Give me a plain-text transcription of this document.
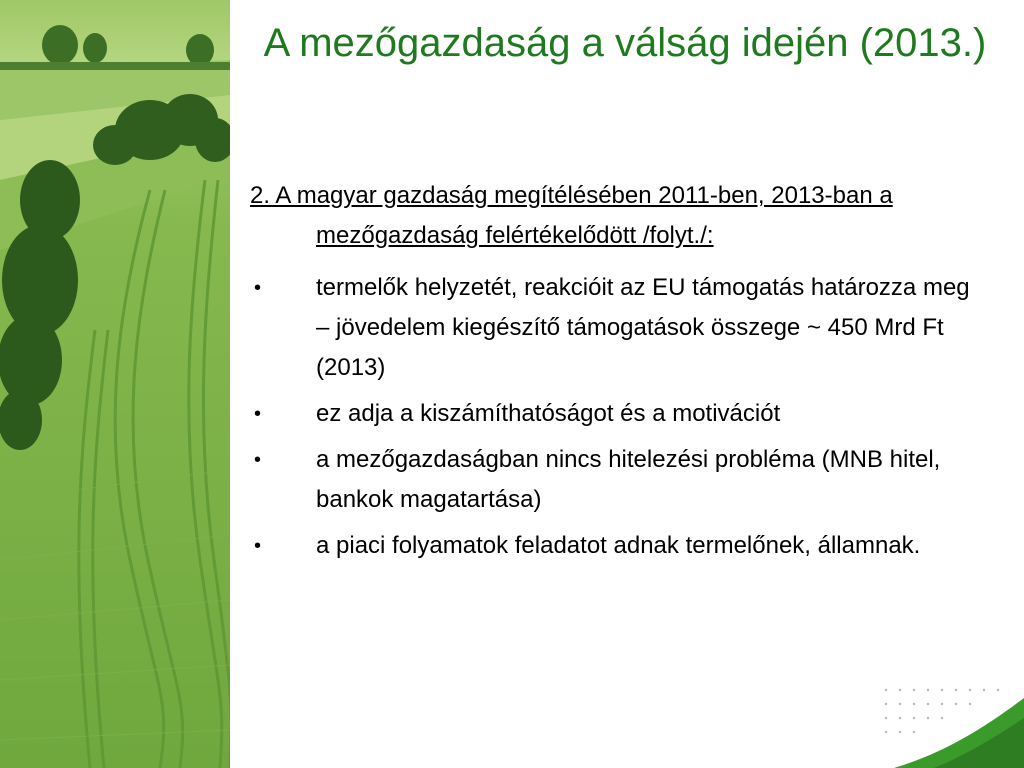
A mezőgazdaság a válság idején (2013.)

2. A magyar gazdaság megítélésében 2011-ben, 2013-ban a mezőgazdaság felértékelődött /folyt./:

• termelők helyzetét, reakcióit az EU támogatás határozza meg – jövedelem kiegészítő támogatások összege ~ 450 Mrd Ft (2013)
• ez adja a kiszámíthatóságot és a motivációt
• a mezőgazdaságban nincs hitelezési probléma (MNB hitel, bankok magatartása)
• a piaci folyamatok feladatot adnak termelőnek, államnak.
